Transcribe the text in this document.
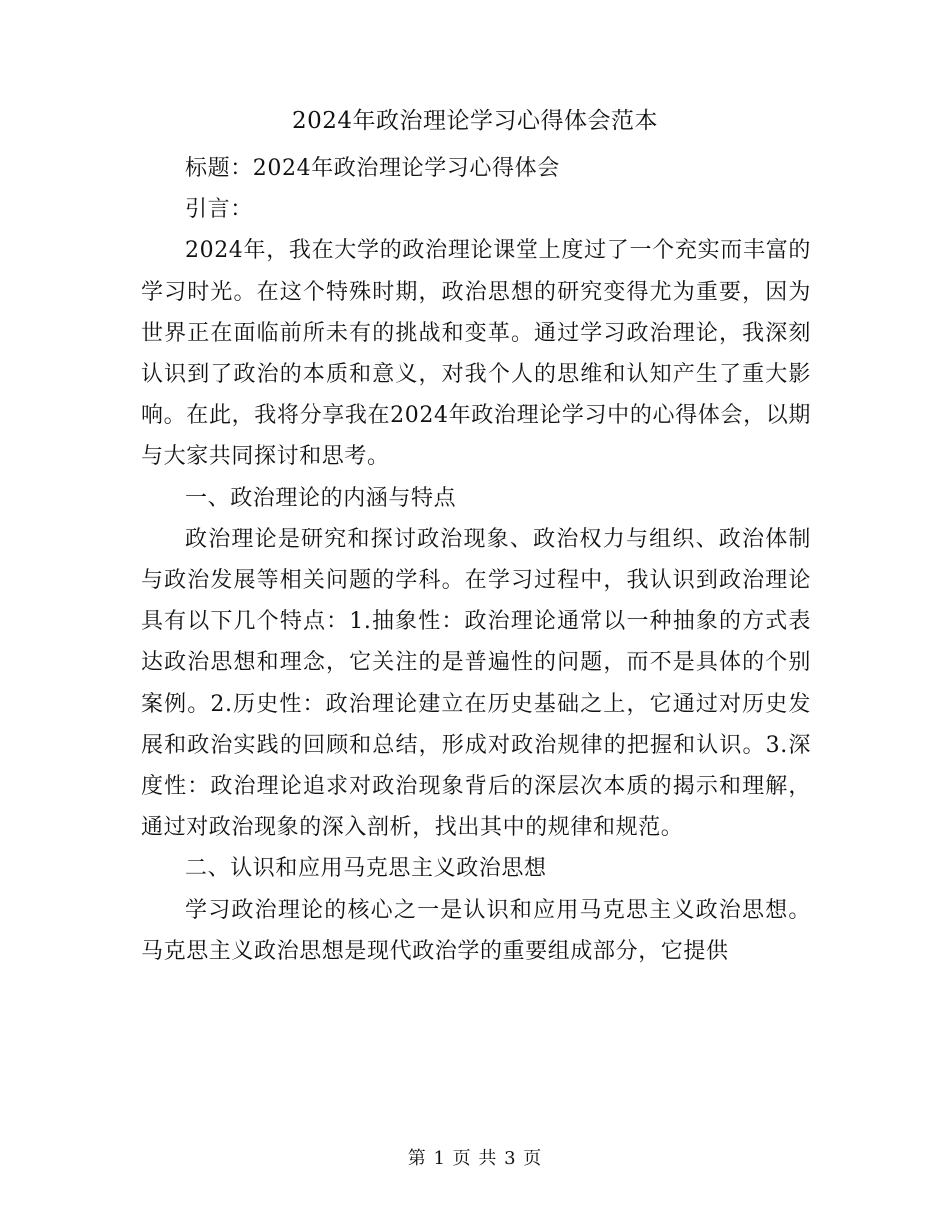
2024年政治理论学习心得体会范本

标题：2024年政治理论学习心得体会

引言：

2024年，我在大学的政治理论课堂上度过了一个充实而丰富的学习时光。在这个特殊时期，政治思想的研究变得尤为重要，因为世界正在面临前所未有的挑战和变革。通过学习政治理论，我深刻认识到了政治的本质和意义，对我个人的思维和认知产生了重大影响。在此，我将分享我在2024年政治理论学习中的心得体会，以期与大家共同探讨和思考。

一、政治理论的内涵与特点

政治理论是研究和探讨政治现象、政治权力与组织、政治体制与政治发展等相关问题的学科。在学习过程中，我认识到政治理论具有以下几个特点：1.抽象性：政治理论通常以一种抽象的方式表达政治思想和理念，它关注的是普遍性的问题，而不是具体的个别案例。2.历史性：政治理论建立在历史基础之上，它通过对历史发展和政治实践的回顾和总结，形成对政治规律的把握和认识。3.深度性：政治理论追求对政治现象背后的深层次本质的揭示和理解，通过对政治现象的深入剖析，找出其中的规律和规范。

二、认识和应用马克思主义政治思想

学习政治理论的核心之一是认识和应用马克思主义政治思想。马克思主义政治思想是现代政治学的重要组成部分，它提供

第 1 页 共 3 页
